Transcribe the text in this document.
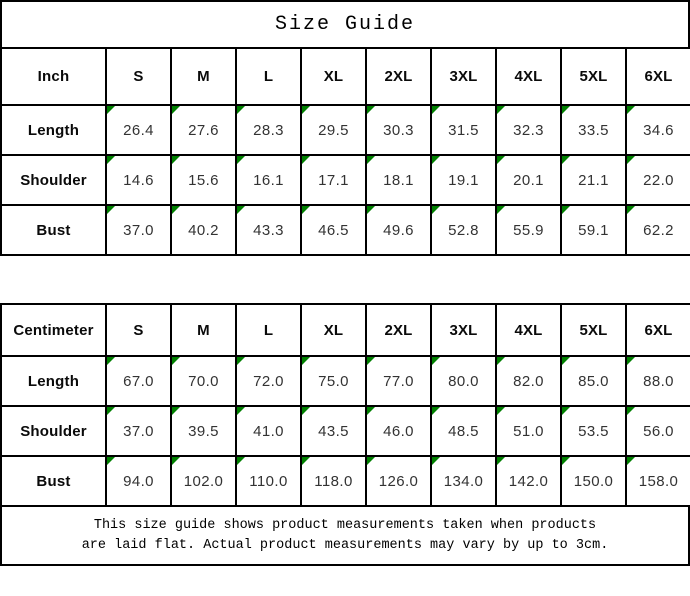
Size Guide
Inch	S	M	L	XL	2XL	3XL	4XL	5XL	6XL
Length	26.4	27.6	28.3	29.5	30.3	31.5	32.3	33.5	34.6
Shoulder	14.6	15.6	16.1	17.1	18.1	19.1	20.1	21.1	22.0
Bust	37.0	40.2	43.3	46.5	49.6	52.8	55.9	59.1	62.2
Centimeter	S	M	L	XL	2XL	3XL	4XL	5XL	6XL
Length	67.0	70.0	72.0	75.0	77.0	80.0	82.0	85.0	88.0
Shoulder	37.0	39.5	41.0	43.5	46.0	48.5	51.0	53.5	56.0
Bust	94.0	102.0	110.0	118.0	126.0	134.0	142.0	150.0	158.0
This size guide shows product measurements taken when products
are laid flat. Actual product measurements may vary by up to 3cm.
